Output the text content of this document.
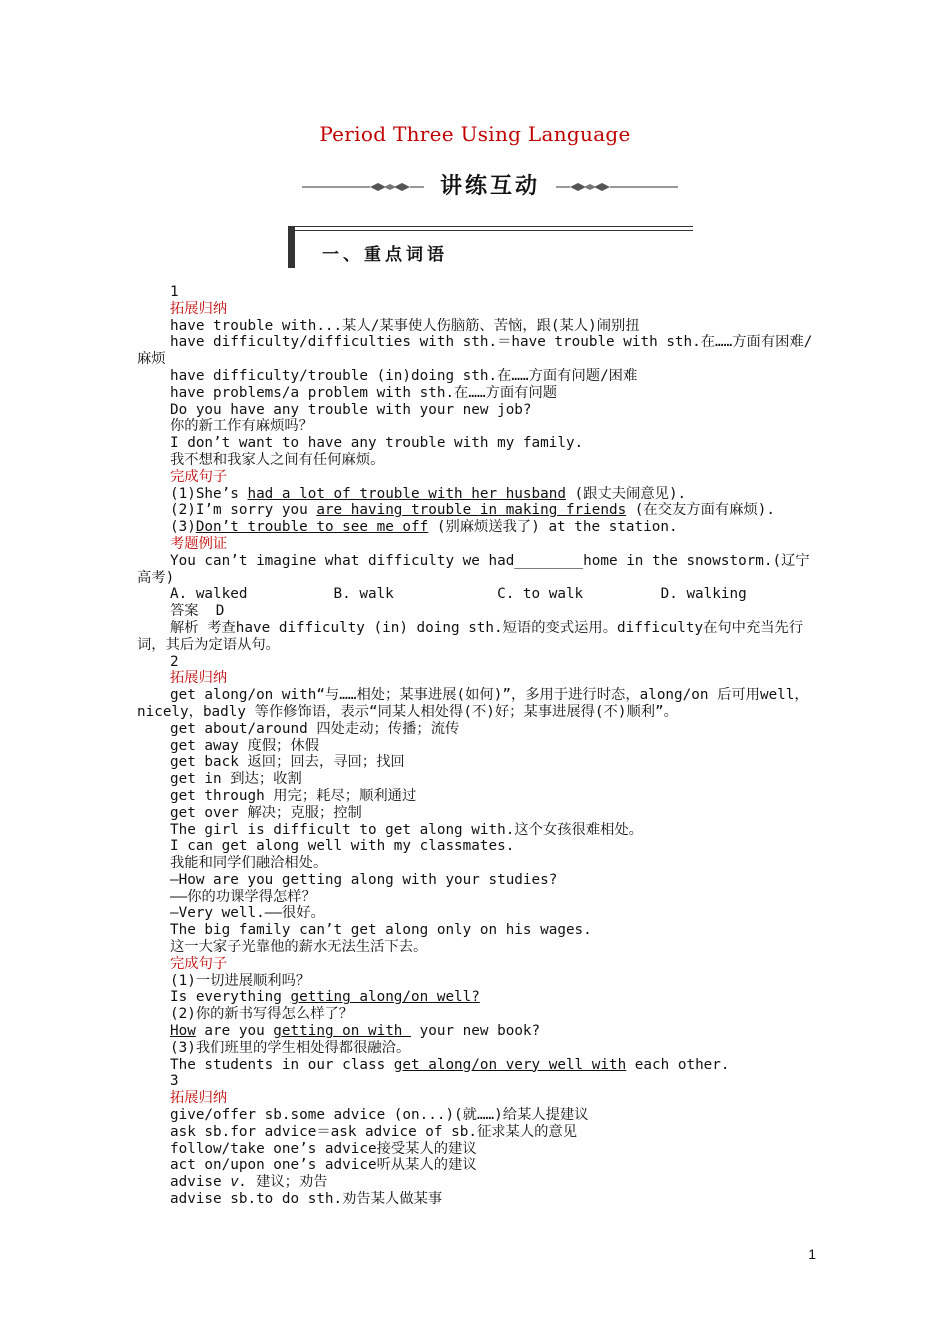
Period Three Using Language
讲练互动
一、重点词语
1
拓展归纳
have trouble with...某人/某事使人伤脑筋、苦恼，跟(某人)闹别扭
have difficulty/difficulties with sth.＝have trouble with sth.在……方面有困难/麻烦
have difficulty/trouble (in)doing sth.在……方面有问题/困难
have problems/a problem with sth.在……方面有问题
Do you have any trouble with your new job?
你的新工作有麻烦吗？
I don’t want to have any trouble with my family.
我不想和我家人之间有任何麻烦。
完成句子
(1)She’s had a lot of trouble with her husband (跟丈夫闹意见).
(2)I’m sorry you are having trouble in making friends (在交友方面有麻烦).
(3)Don’t trouble to see me off (别麻烦送我了) at the station.
考题例证
You can’t imagine what difficulty we had________home in the snowstorm.(辽宁高考)
A. walked          B. walk            C. to walk         D. walking
答案  D
解析 考查have difficulty (in) doing sth.短语的变式运用。difficulty在句中充当先行词，其后为定语从句。
2
拓展归纳
get along/on with“与……相处；某事进展(如何)”，多用于进行时态，along/on 后可用well，nicely，badly 等作修饰语，表示“同某人相处得(不)好；某事进展得(不)顺利”。
get about/around 四处走动；传播；流传
get away 度假；休假
get back 返回；回去，寻回；找回
get in 到达；收割
get through 用完；耗尽；顺利通过
get over 解决；克服；控制
The girl is difficult to get along with.这个女孩很难相处。
I can get along well with my classmates.
我能和同学们融洽相处。
—How are you getting along with your studies?
——你的功课学得怎样？
—Very well.——很好。
The big family can’t get along only on his wages.
这一大家子光靠他的薪水无法生活下去。
完成句子
(1)一切进展顺利吗？
Is everything getting along/on well?
(2)你的新书写得怎么样了？
How are you getting on with  your new book?
(3)我们班里的学生相处得都很融洽。
The students in our class get along/on very well with each other.
3
拓展归纳
give/offer sb.some advice (on...)(就……)给某人提建议
ask sb.for advice＝ask advice of sb.征求某人的意见
follow/take one’s advice接受某人的建议
act on/upon one’s advice听从某人的建议
advise v. 建议；劝告
advise sb.to do sth.劝告某人做某事
1
